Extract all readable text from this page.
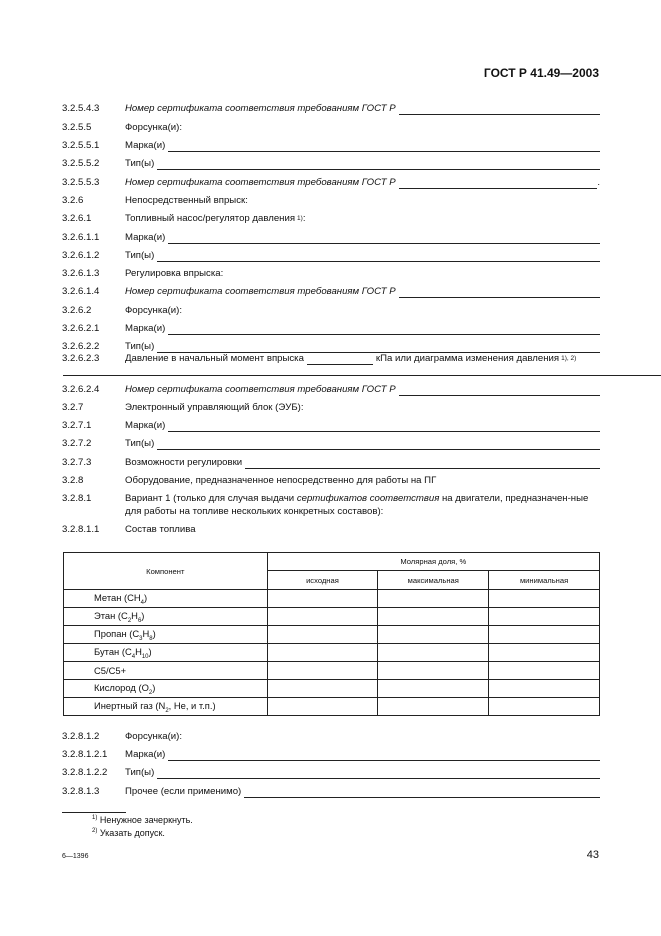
ГОСТ Р 41.49—2003
3.2.5.4.3	Номер сертификата соответствия требованиям ГОСТ Р
3.2.5.5	Форсунка(и):
3.2.5.5.1	Марка(и)
3.2.5.5.2	Тип(ы)
3.2.5.5.3	Номер сертификата соответствия требованиям ГОСТ Р	.
3.2.6	Непосредственный впрыск:
3.2.6.1	Топливный насос/регулятор давления 1) :
3.2.6.1.1	Марка(и)
3.2.6.1.2	Тип(ы)
3.2.6.1.3	Регулировка впрыска:
3.2.6.1.4	Номер сертификата соответствия требованиям ГОСТ Р
3.2.6.2	Форсунка(и):
3.2.6.2.1	Марка(и)
3.2.6.2.2	Тип(ы)
3.2.6.2.3	Давление в начальный момент впрыска	кПа или диаграмма изменения давления 1), 2)
3.2.6.2.4	Номер сертификата соответствия требованиям ГОСТ Р
3.2.7	Электронный управляющий блок (ЭУБ):
3.2.7.1	Марка(и)
3.2.7.2	Тип(ы)
3.2.7.3	Возможности регулировки
3.2.8	Оборудование, предназначенное непосредственно для работы на ПГ
3.2.8.1	Вариант 1 (только для случая выдачи сертификатов соответствия на двигатели, предназначен-ные для работы на топливе нескольких конкретных составов):
3.2.8.1.1	Состав топлива
Компонент	Молярная доля, %		
	исходная	максимальная	минимальная
Метан $(CH_4)$			
Этан $(C_2H_6)$			
Пропан $(C_3H_8)$			
Бутан $(C_4H_{10})$			
C5/C5+			
Кислород $(O_2)$			
Инертный газ ($N_2$, He, и т.п.)			
3.2.8.1.2	Форсунка(и):
3.2.8.1.2.1 Марка(и)
3.2.8.1.2.2 Тип(ы)
3.2.8.1.3	Прочее (если применимо)
$^{1)}$ Ненужное зачеркнуть.
$^{2)}$ Указать допуск.
6—1396	43
